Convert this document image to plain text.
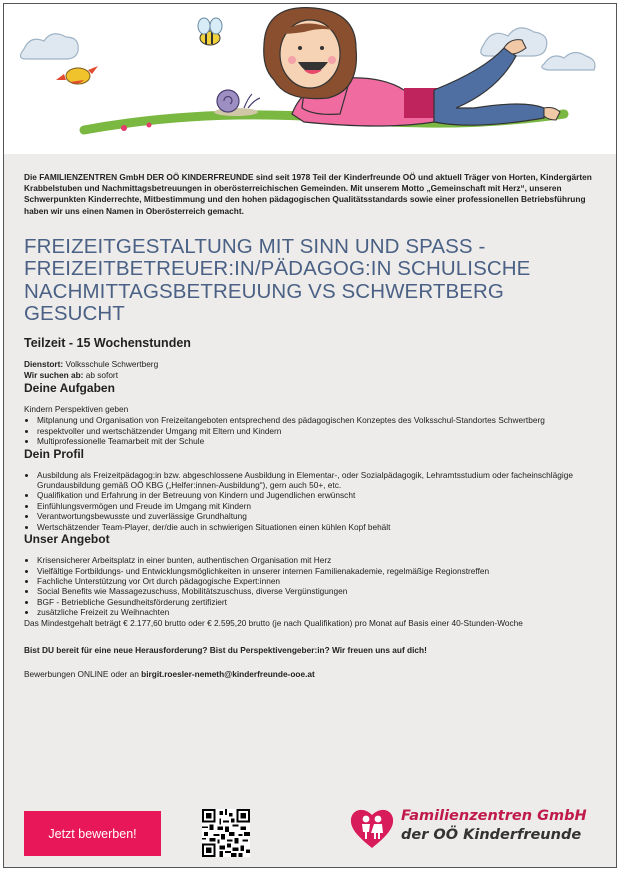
Die FAMILIENZENTREN GmbH DER OÖ KINDERFREUNDE sind seit 1978 Teil der Kinderfreunde OÖ und aktuell Träger von Horten, Kindergärten Krabbelstuben und Nachmittagsbetreuungen in oberösterreichischen Gemeinden. Mit unserem Motto „Gemeinschaft mit Herz“, unseren Schwerpunkten Kinderrechte, Mitbestimmung und den hohen pädagogischen Qualitätsstandards sowie einer professionellen Betriebsführung haben wir uns einen Namen in Oberösterreich gemacht.

FREIZEITGESTALTUNG MIT SINN UND SPASS - FREIZEITBETREUER:IN/PÄDAGOG:IN SCHULISCHE NACHMITTAGSBETREUUNG VS SCHWERTBERG GESUCHT
Teilzeit - 15 Wochenstunden
Dienstort: Volksschule Schwertberg
Wir suchen ab: ab sofort
Deine Aufgaben
Kindern Perspektiven geben
• Mitplanung und Organisation von Freizeitangeboten entsprechend des pädagogischen Konzeptes des Volksschul-Standortes Schwertberg
• respektvoller und wertschätzender Umgang mit Eltern und Kindern
• Multiprofessionelle Teamarbeit mit der Schule
Dein Profil
• Ausbildung als Freizeitpädagog:in bzw. abgeschlossene Ausbildung in Elementar-, oder Sozialpädagogik, Lehramtsstudium oder facheinschlägige Grundausbildung gemäß OÖ KBG („Helfer:innen-Ausbildung“), gern auch 50+, etc.
• Qualifikation und Erfahrung in der Betreuung von Kindern und Jugendlichen erwünscht
• Einfühlungsvermögen und Freude im Umgang mit Kindern
• Verantwortungsbewusste und zuverlässige Grundhaltung
• Wertschätzender Team-Player, der/die auch in schwierigen Situationen einen kühlen Kopf behält
Unser Angebot
• Krisensicherer Arbeitsplatz in einer bunten, authentischen Organisation mit Herz
• Vielfältige Fortbildungs- und Entwicklungsmöglichkeiten in unserer internen Familienakademie, regelmäßige Regionstreffen
• Fachliche Unterstützung vor Ort durch pädagogische Expert:innen
• Social Benefits wie Massagezuschuss, Mobilitätszuschuss, diverse Vergünstigungen
• BGF - Betriebliche Gesundheitsförderung zertifiziert
• zusätzliche Freizeit zu Weihnachten
Das Mindestgehalt beträgt € 2.177,60 brutto oder € 2.595,20 brutto (je nach Qualifikation) pro Monat auf Basis einer 40-Stunden-Woche
Bist DU bereit für eine neue Herausforderung? Bist du Perspektivengeber:in? Wir freuen uns auf dich!
Bewerbungen ONLINE oder an birgit.roesler-nemeth@kinderfreunde-ooe.at
Jetzt bewerben!
Familienzentren GmbH
der OÖ Kinderfreunde
